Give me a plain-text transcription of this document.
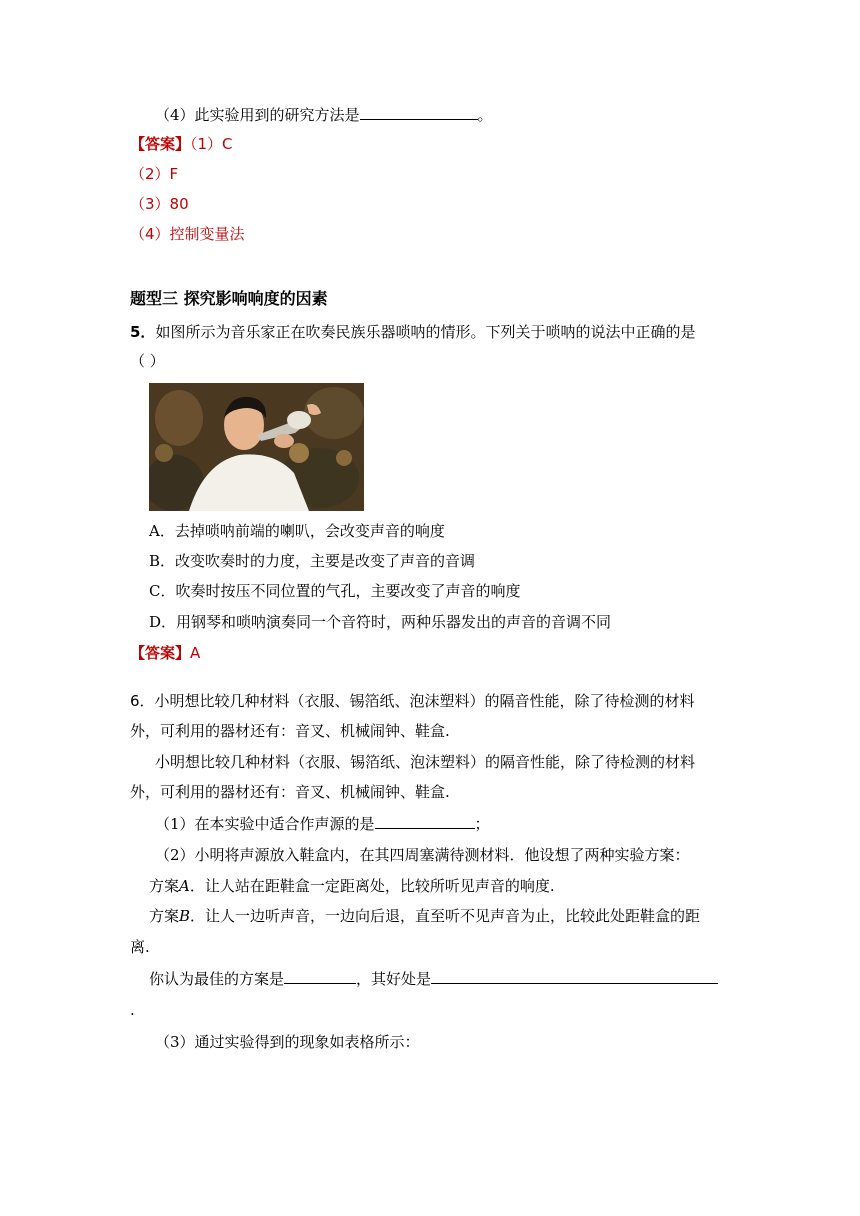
（4）此实验用到的研究方法是	。
【答案】（1）C
（2）F
（3）80
（4）控制变量法
题型三 探究影响响度的因素
5．如图所示为音乐家正在吹奏民族乐器唢呐的情形。下列关于唢呐的说法中正确的是
（ ）
A．去掉唢呐前端的喇叭，会改变声音的响度
B．改变吹奏时的力度，主要是改变了声音的音调
C．吹奏时按压不同位置的气孔，主要改变了声音的响度
D．用钢琴和唢呐演奏同一个音符时，两种乐器发出的声音的音调不同
【答案】A
6．小明想比较几种材料（衣服、锡箔纸、泡沫塑料）的隔音性能，除了待检测的材料
外，可利用的器材还有：音叉、机械闹钟、鞋盒.
小明想比较几种材料（衣服、锡箔纸、泡沫塑料）的隔音性能，除了待检测的材料
外，可利用的器材还有：音叉、机械闹钟、鞋盒.
（1）在本实验中适合作声源的是	；
（2）小明将声源放入鞋盒内，在其四周塞满待测材料．他设想了两种实验方案：
方案A．让人站在距鞋盒一定距离处，比较所听见声音的响度.
方案B．让人一边听声音，一边向后退，直至听不见声音为止，比较此处距鞋盒的距
离.
你认为最佳的方案是	，其好处是
.
（3）通过实验得到的现象如表格所示：
